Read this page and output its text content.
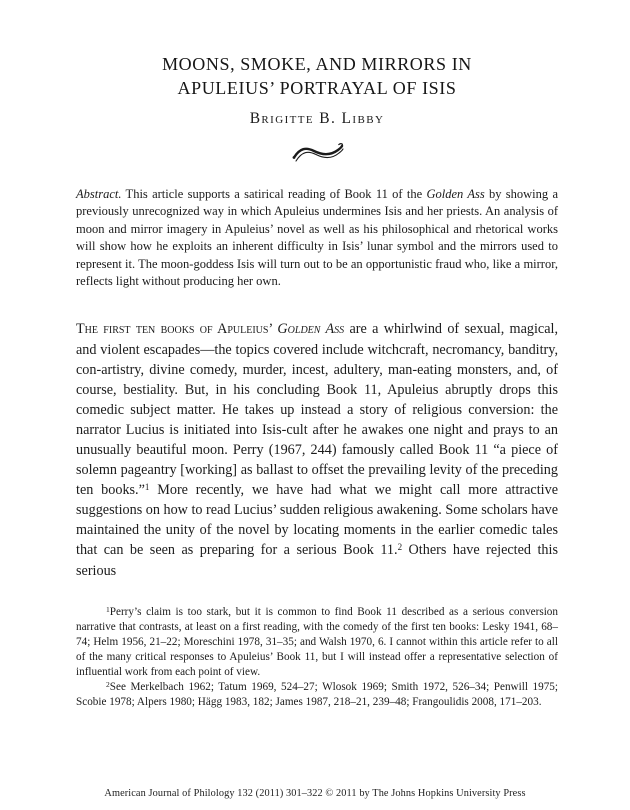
MOONS, SMOKE, AND MIRRORS IN
APULEIUS’ PORTRAYAL OF ISIS
Brigitte B. Libby

Abstract. This article supports a satirical reading of Book 11 of the Golden Ass by showing a previously unrecognized way in which Apuleius undermines Isis and her priests. An analysis of moon and mirror imagery in Apuleius’ novel as well as his philosophical and rhetorical works will show how he exploits an inherent difficulty in Isis’ lunar symbol and the mirrors used to represent it. The moon-goddess Isis will turn out to be an opportunistic fraud who, like a mirror, reflects light without producing her own.

The first ten books of Apuleius’ Golden Ass are a whirlwind of sexual, magical, and violent escapades—the topics covered include witchcraft, necromancy, banditry, con-artistry, divine comedy, murder, incest, adultery, man-eating monsters, and, of course, bestiality. But, in his concluding Book 11, Apuleius abruptly drops this comedic subject matter. He takes up instead a story of religious conversion: the narrator Lucius is initiated into Isis-cult after he awakes one night and prays to an unusually beautiful moon. Perry (1967, 244) famously called Book 11 “a piece of solemn pageantry [working] as ballast to offset the prevailing levity of the preceding ten books.”$^1$ More recently, we have had what we might call more attractive suggestions on how to read Lucius’ sudden religious awakening. Some scholars have maintained the unity of the novel by locating moments in the earlier comedic tales that can be seen as preparing for a serious Book 11.$^2$ Others have rejected this serious

$^1$Perry’s claim is too stark, but it is common to find Book 11 described as a serious conversion narrative that contrasts, at least on a first reading, with the comedy of the first ten books: Lesky 1941, 68–74; Helm 1956, 21–22; Moreschini 1978, 31–35; and Walsh 1970, 6. I cannot within this article refer to all of the many critical responses to Apuleius’ Book 11, but I will instead offer a representative selection of influential work from each point of view.

$^2$See Merkelbach 1962; Tatum 1969, 524–27; Wlosok 1969; Smith 1972, 526–34; Penwill 1975; Scobie 1978; Alpers 1980; Hägg 1983, 182; James 1987, 218–21, 239–48; Frangoulidis 2008, 171–203.

American Journal of Philology 132 (2011) 301–322 © 2011 by The Johns Hopkins University Press
